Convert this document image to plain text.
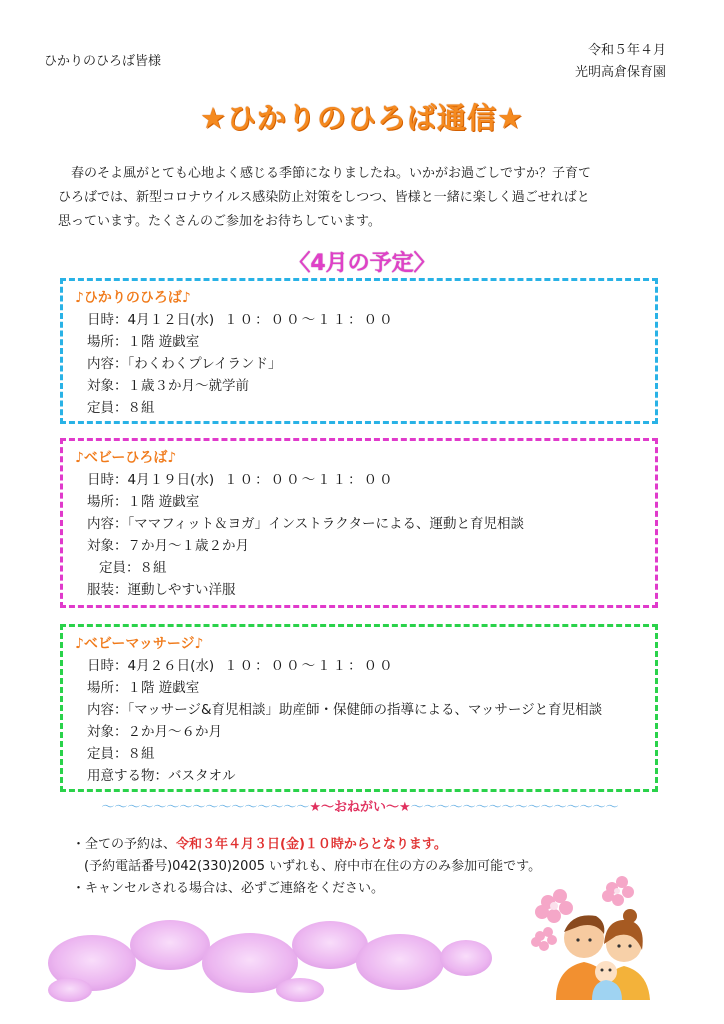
ひかりのひろば皆様
令和５年４月
光明高倉保育園
★ひかりのひろば通信★
春のそよ風がとても心地よく感じる季節になりましたね。いかがお過ごしですか？子育て
ひろばでは、新型コロナウイルス感染防止対策をしつつ、皆様と一緒に楽しく過ごせればと
思っています。たくさんのご参加をお待ちしています。
〈4月の予定〉
♪ひかりのひろば♪
日時：4月１２日(水) １０：００～１１：００
場所：１階 遊戯室
内容：「わくわくプレイランド」
対象：１歳３か月～就学前
定員：８組
♪ベビーひろば♪
日時：4月１９日(水) １０：００～１１：００
場所：１階 遊戯室
内容：「ママフィット＆ヨガ」インストラクターによる、運動と育児相談
対象：７か月～１歳２か月
定員：８組
服装：運動しやすい洋服
♪ベビーマッサージ♪
日時：4月２６日(水) １０：００～１１：００
場所：１階 遊戯室
内容：「マッサージ&育児相談」助産師・保健師の指導による、マッサージと育児相談
対象：２か月～６か月
定員：８組
用意する物：バスタオル
〜〜〜〜〜〜〜〜〜〜〜〜〜〜〜〜★～おねがい～★〜〜〜〜〜〜〜〜〜〜〜〜〜〜〜〜
・全ての予約は、令和３年４月３日(金)１０時からとなります。
(予約電話番号)042(330)2005 いずれも、府中市在住の方のみ参加可能です。
・キャンセルされる場合は、必ずご連絡をください。
